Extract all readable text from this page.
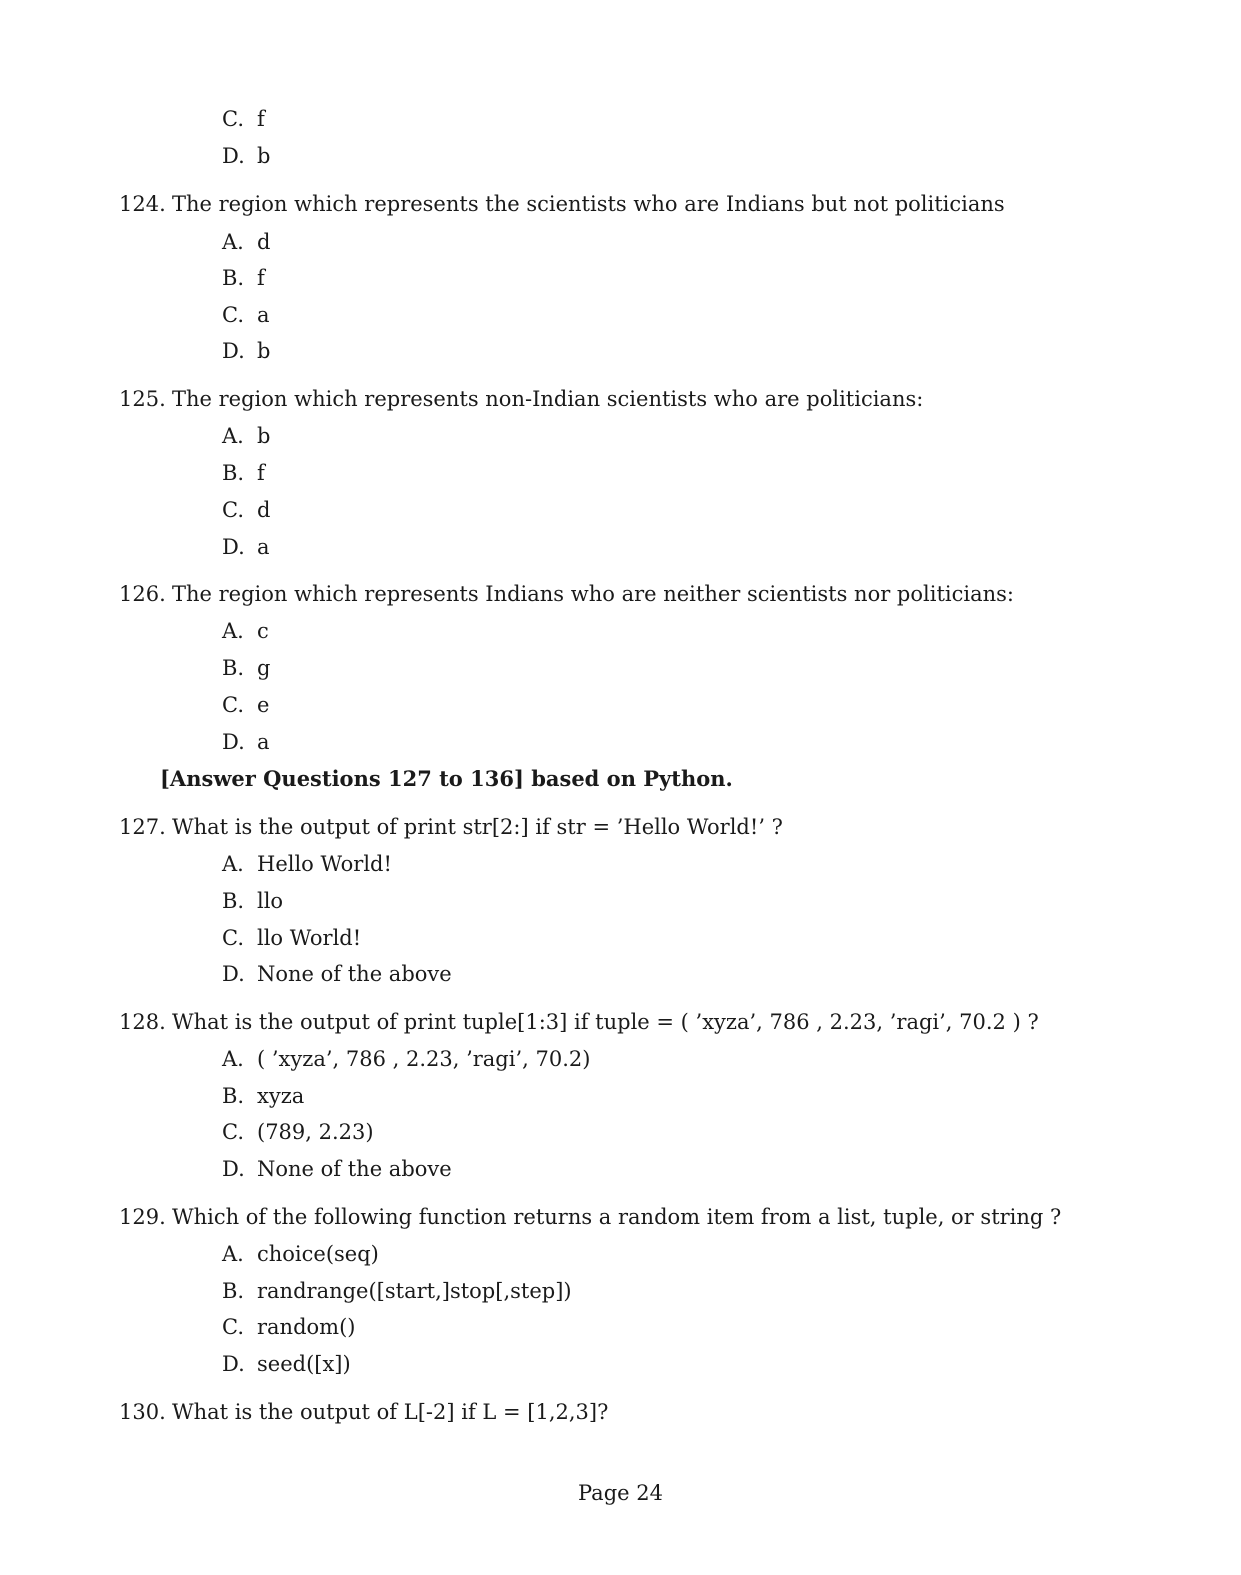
C. f
D. b
124. The region which represents the scientists who are Indians but not politicians
A. d
B. f
C. a
D. b
125. The region which represents non-Indian scientists who are politicians:
A. b
B. f
C. d
D. a
126. The region which represents Indians who are neither scientists nor politicians:
A. c
B. g
C. e
D. a
[Answer Questions 127 to 136] based on Python.
127. What is the output of print str[2:] if str = ’Hello World!’ ?
A. Hello World!
B. llo
C. llo World!
D. None of the above
128. What is the output of print tuple[1:3] if tuple = ( ’xyza’, 786 , 2.23, ’ragi’, 70.2 ) ?
A. ( ’xyza’, 786 , 2.23, ’ragi’, 70.2)
B. xyza
C. (789, 2.23)
D. None of the above
129. Which of the following function returns a random item from a list, tuple, or string ?
A. choice(seq)
B. randrange([start,]stop[,step])
C. random()
D. seed([x])
130. What is the output of L[-2] if L = [1,2,3]?
Page 24
